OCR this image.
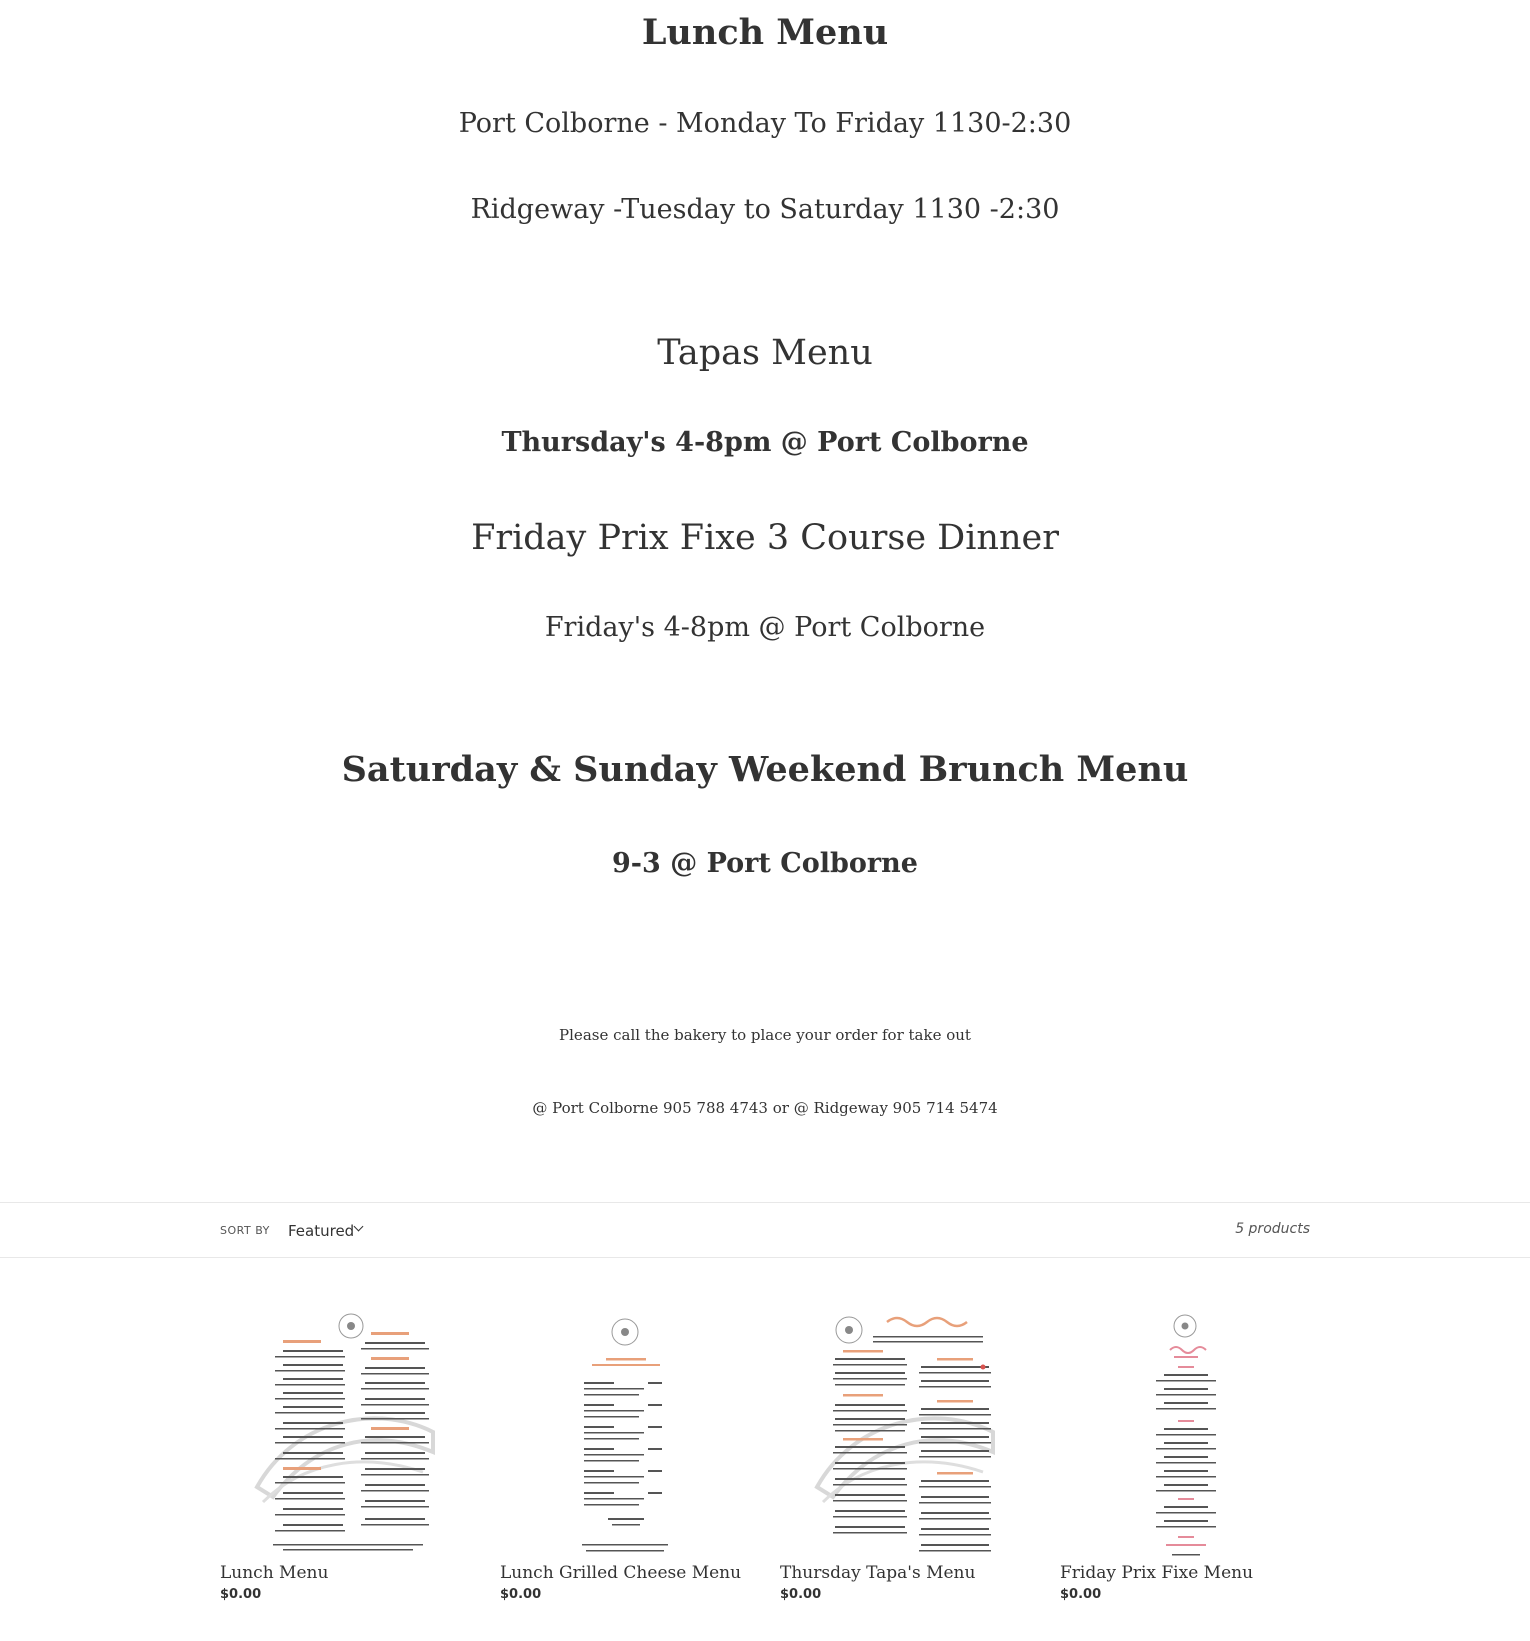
Lunch Menu
Port Colborne - Monday To Friday 1130-2:30
Ridgeway -Tuesday to Saturday 1130 -2:30
Tapas Menu
Thursday's 4-8pm @ Port Colborne
Friday Prix Fixe 3 Course Dinner
Friday's 4-8pm @ Port Colborne
Saturday & Sunday Weekend Brunch Menu
9-3 @ Port Colborne
Please call the bakery to place your order for take out
@ Port Colborne 905 788 4743 or @ Ridgeway 905 714 5474
SORT BY Featured	5 products
Lunch Menu
$0.00
Lunch Grilled Cheese Menu
$0.00
Thursday Tapa's Menu
$0.00
Friday Prix Fixe Menu
$0.00
